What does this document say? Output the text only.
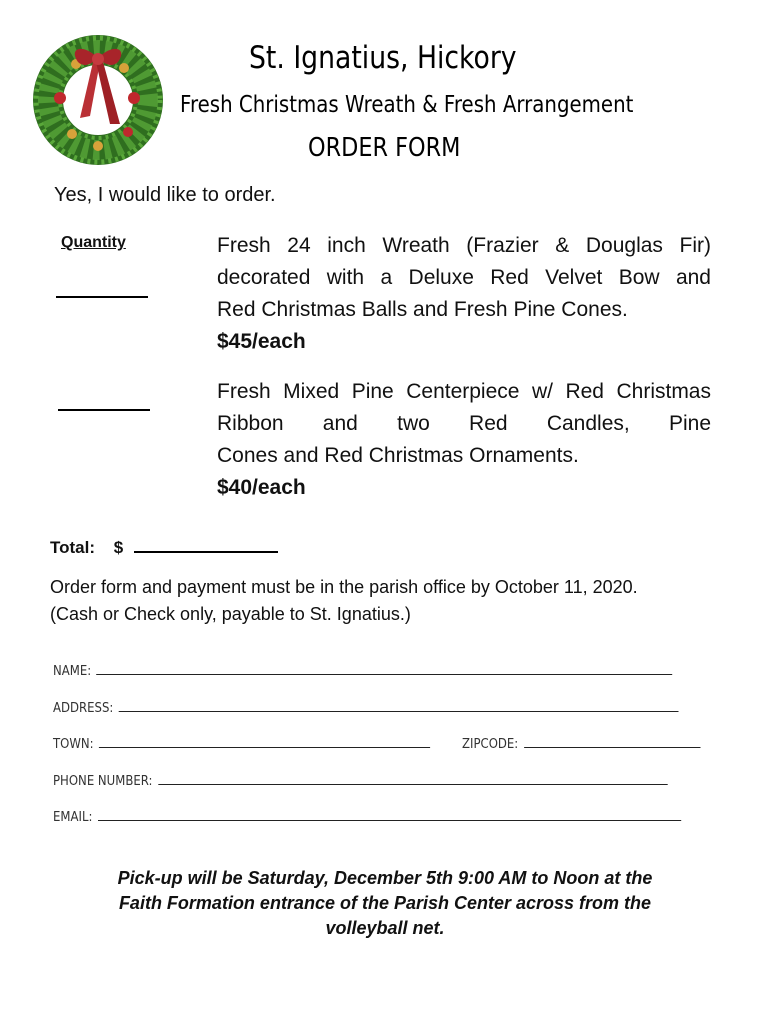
St. Ignatius, Hickory
Fresh Christmas Wreath & Fresh Arrangement
ORDER FORM
Yes, I would like to order.
Quantity	Fresh 24 inch Wreath (Frazier & Douglas Fir) decorated with a Deluxe Red Velvet Bow and
Red Christmas Balls and Fresh Pine Cones.
$45/each
Fresh Mixed Pine Centerpiece w/ Red Christmas Ribbon and two Red Candles, Pine
Cones and Red Christmas Ornaments.
$40/each
Total: $
Order form and payment must be in the parish office by October 11, 2020.
(Cash or Check only, payable to St. Ignatius.)
NAME:
ADDRESS:
TOWN:	ZIPCODE:
PHONE NUMBER:
EMAIL:
Pick-up will be Saturday, December 5th 9:00 AM to Noon at the
Faith Formation entrance of the Parish Center across from the
volleyball net.
